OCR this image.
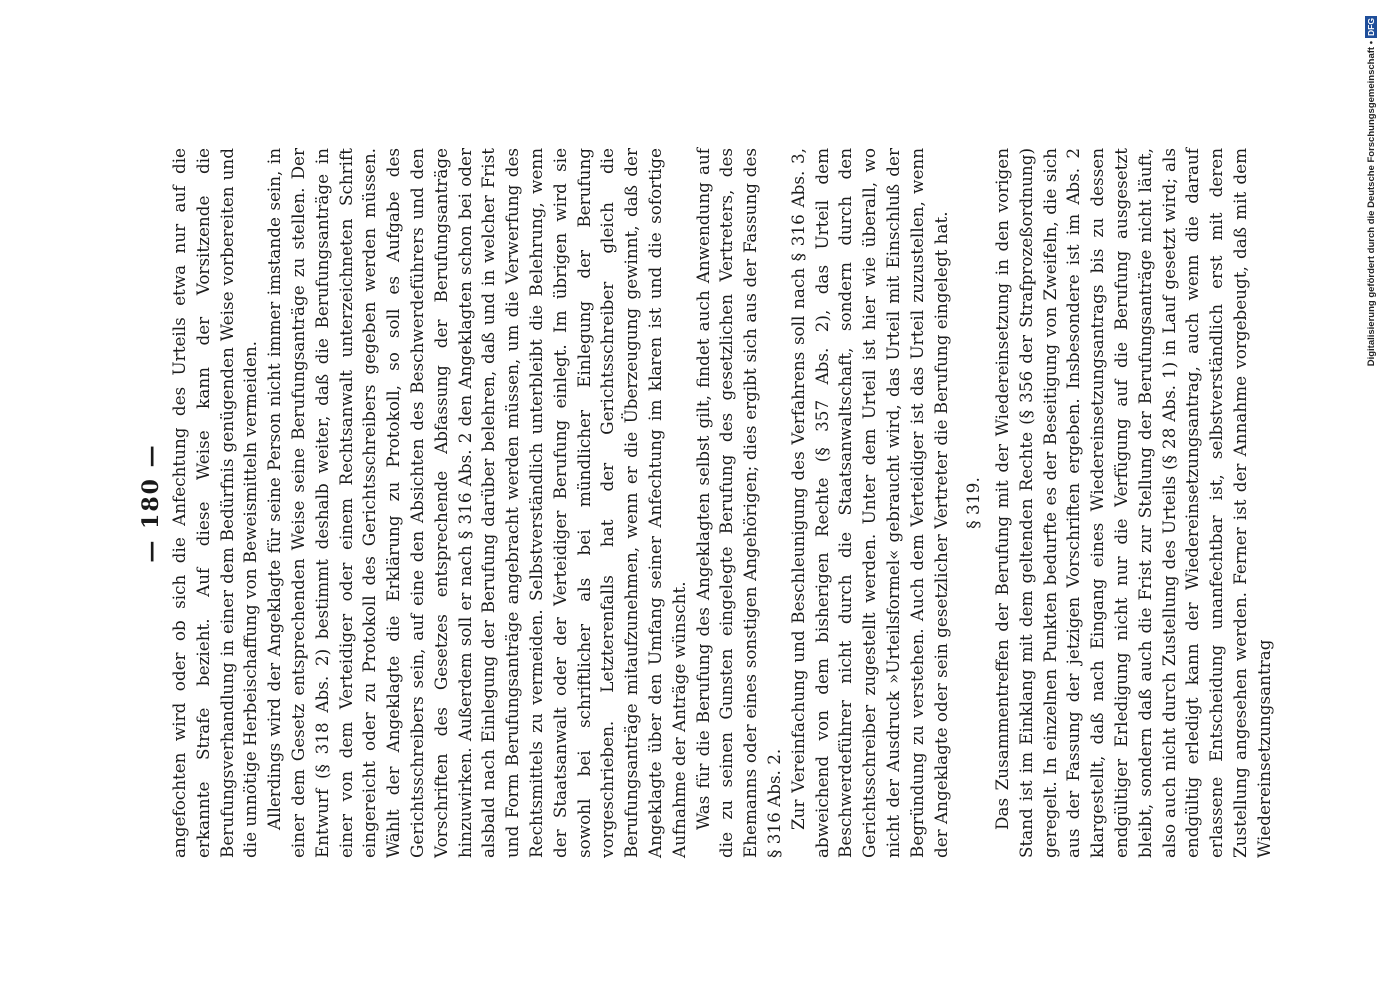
— 180 — angefochten wird oder ob sich die Anfechtung des Urteils etwa nur auf die erkannte Strafe bezieht. Auf diese Weise kann der Vorsitzende die Berufungsverhandlung in einer dem Bedürfnis genügenden Weise vorbereiten und die unnötige Herbeischaffung von Beweismitteln vermeiden. Allerdings wird der Angeklagte für seine Person nicht immer imstande sein, in einer dem Gesetz entsprechenden Weise seine Berufungsanträge zu stellen. Der Entwurf (§ 318 Abs. 2) bestimmt deshalb weiter, daß die Berufungsanträge in einer von dem Verteidiger oder einem Rechtsanwalt unterzeichneten Schrift eingereicht oder zu Protokoll des Gerichtsschreibers gegeben werden müssen. Wählt der Angeklagte die Erklärung zu Protokoll, so soll es Aufgabe des Gerichtsschreibers sein, auf eine den Absichten des Beschwerdeführers und den Vorschriften des Gesetzes entsprechende Abfassung der Berufungsanträge hinzuwirken. Außerdem soll er nach § 316 Abs. 2 den Angeklagten schon bei oder alsbald nach Einlegung der Berufung darüber belehren, daß und in welcher Frist und Form Berufungsanträge angebracht werden müssen, um die Verwerfung des Rechtsmittels zu vermeiden. Selbstverständlich unterbleibt die Belehrung, wenn der Staatsanwalt oder der Verteidiger Berufung einlegt. Im übrigen wird sie sowohl bei schriftlicher als bei mündlicher Einlegung der Berufung vorgeschrieben. Letzterenfalls hat der Gerichtsschreiber gleich die Berufungsanträge mitaufzunehmen, wenn er die Überzeugung gewinnt, daß der Angeklagte über den Umfang seiner Anfechtung im klaren ist und die sofortige Aufnahme der Anträge wünscht. Was für die Berufung des Angeklagten selbst gilt, findet auch Anwendung auf die zu seinen Gunsten eingelegte Berufung des gesetzlichen Vertreters, des Ehemanns oder eines sonstigen Angehörigen; dies ergibt sich aus der Fassung des § 316 Abs. 2. Zur Vereinfachung und Beschleunigung des Verfahrens soll nach § 316 Abs. 3, abweichend von dem bisherigen Rechte (§ 357 Abs. 2), das Urteil dem Beschwerdeführer nicht durch die Staatsanwaltschaft, sondern durch den Gerichtsschreiber zugestellt werden. Unter dem Urteil ist hier wie überall, wo nicht der Ausdruck »Urteilsformel« gebraucht wird, das Urteil mit Einschluß der Begründung zu verstehen. Auch dem Verteidiger ist das Urteil zuzustellen, wenn der Angeklagte oder sein gesetzlicher Vertreter die Berufung eingelegt hat. § 319. Das Zusammentreffen der Berufung mit der Wiedereinsetzung in den vorigen Stand ist im Einklang mit dem geltenden Rechte (§ 356 der Strafprozeßordnung) geregelt. In einzelnen Punkten bedurfte es der Beseitigung von Zweifeln, die sich aus der Fassung der jetzigen Vorschriften ergeben. Insbesondere ist im Abs. 2 klargestellt, daß nach Eingang eines Wiedereinsetzungsantrags bis zu dessen endgültiger Erledigung nicht nur die Verfügung auf die Berufung ausgesetzt bleibt, sondern daß auch die Frist zur Stellung der Berufungsanträge nicht läuft, also auch nicht durch Zustellung des Urteils (§ 28 Abs. 1) in Lauf gesetzt wird; als endgültig erledigt kann der Wiedereinsetzungsantrag, auch wenn die darauf erlassene Entscheidung unanfechtbar ist, selbstverständlich erst mit deren Zustellung angesehen werden. Ferner ist der Annahme vorgebeugt, daß mit dem Wiedereinsetzungsantrag

Digitalisierung gefördert durch die Deutsche Forschungsgemeinschaft •
DFG
